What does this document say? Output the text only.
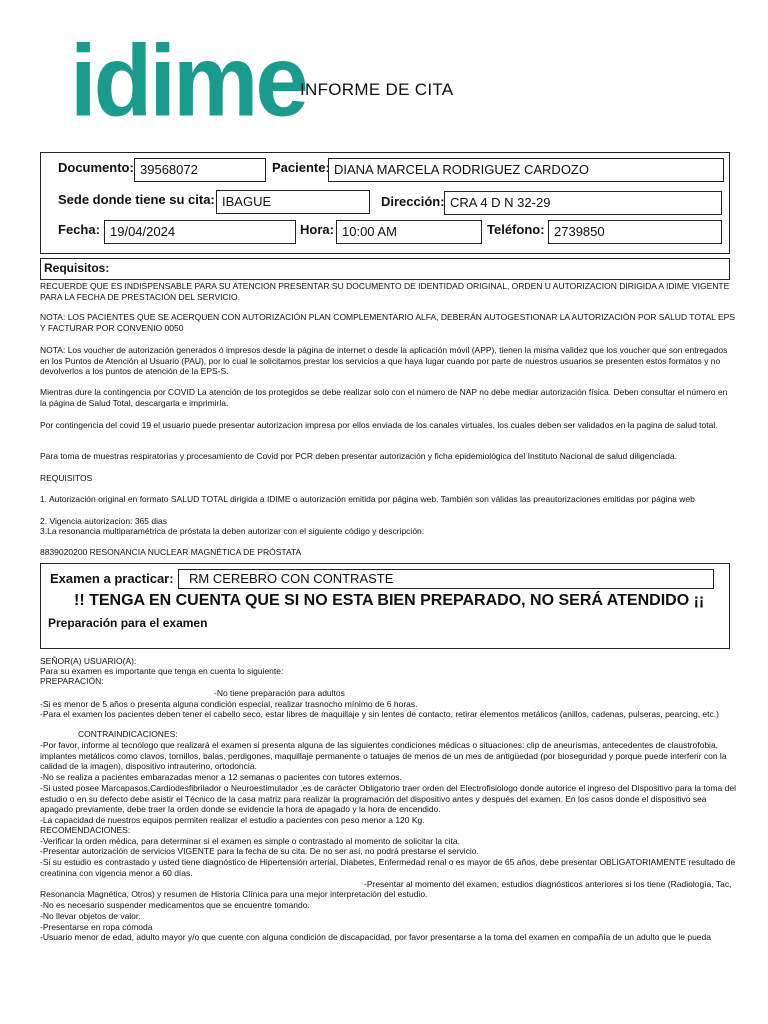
idime
INFORME DE CITA
Documento: 39568072	Paciente: DIANA MARCELA RODRIGUEZ CARDOZO
Sede donde tiene su cita: IBAGUE	Dirección: CRA 4 D N 32-29
Fecha: 19/04/2024	Hora: 10:00 AM	Teléfono: 2739850
Requisitos:
RECUERDE QUE ES INDISPENSABLE PARA SU ATENCION PRESENTAR SU DOCUMENTO DE IDENTIDAD ORIGINAL, ORDEN U AUTORIZACION DIRIGIDA A IDIME VIGENTE PARA LA FECHA DE PRESTACIÓN DEL SERVICIO.
NOTA: LOS PACIENTES QUE SE ACERQUEN CON AUTORIZACIÓN PLAN COMPLEMENTARIO ALFA, DEBERÁN AUTOGESTIONAR LA AUTORIZACIÓN POR SALUD TOTAL EPS Y FACTURAR POR CONVENIO 0050
NOTA: Los voucher de autorización generados ó impresos desde la página de internet o desde la aplicación móvil (APP), tienen la misma validez que los voucher que son entregados en los Puntos de Atención al Usuario (PAU), por lo cual le solicitamos prestar los servicios a que haya lugar cuando por parte de nuestros usuarios se presenten estos formatos y no devolverlos a los puntos de atención de la EPS-S.
Mientras dure la contingencia por COVID La atención de los protegidos se debe realizar solo con el número de NAP no debe mediar autorización física. Deben consultar el número en la página de Salud Total, descargarla e imprimirla.
Por contingencia del covid 19 el usuario puede presentar autorizacion impresa por ellos enviada de los canales virtuales, los cuales deben ser validados en la pagina de salud total.
Para toma de muestras respiratorias y procesamiento de Covid por PCR deben presentar autorización y ficha epidemiológica del Instituto Nacional de salud diligenciada.
REQUISITOS
1. Autorización original en formato SALUD TOTAL dirigida a IDIME o autorización emitida por página web. También son válidas las preautorizaciones emitidas por página web
2. Vigencia autorizacion: 365 dias
3.La resonancia multiparamétrica de próstata la deben autorizar con el siguiente código y descripción:
8839020200 RESONANCIA NUCLEAR MAGNÉTICA DE PRÓSTATA
Examen a practicar:	RM CEREBRO CON CONTRASTE
!! TENGA EN CUENTA QUE SI NO ESTA BIEN PREPARADO, NO SERÁ ATENDIDO ¡¡
Preparación para el examen
SEÑOR(A) USUARIO(A):
Para su examen es importante que tenga en cuenta lo siguiente:
PREPARACIÓN:
-No tiene preparación para adultos
-Si es menor de 5 años o presenta alguna condición especial, realizar trasnocho mínimo de 6 horas.
-Para el examen los pacientes deben tener el cabello seco, estar libres de maquillaje y sin lentes de contacto, retirar elementos metálicos (anillos, cadenas, pulseras, pearcing, etc.)
CONTRAINDICACIONES:
-Por favor, informe al tecnólogo que realizará el examen si presenta alguna de las siguientes condiciones médicas o situaciones: clip de aneurismas, antecedentes de claustrofobia, implantes metálicos como clavos, tornillos, balas, perdigones, maquillaje permanente o tatuajes de menos de un mes de antigüedad (por bioseguridad y porque puede interferir con la calidad de la imagen), dispositivo intrauterino, ortodoncia.
-No se realiza a pacientes embarazadas menor a 12 semanas o pacientes con tutores externos.
-Si usted posee Marcapasos,Cardiodesfibrilador o Neuroestimulador ,es de carácter Obligatorio traer orden del Electrofisiologo donde autorice el ingreso del Dispositivo para la toma del estudio o en su defecto debe asistir el Técnico de la casa matriz para realizar la programación del dispositivo antes y después del examen. En los casos donde el dispositivo sea apagado previamente, debe traer la orden donde se evidencie la hora de apagado y la hora de encendido.
-La capacidad de nuestros equipos permiten realizar el estudio a pacientes con peso menor a 120 Kg.
RECOMENDACIONES:
-Verificar la orden médica, para determinar si el examen es simple o contrastado al momento de solicitar la cita.
-Presentar autorización de servicios VIGENTE para la fecha de su cita. De no ser así, no podrá prestarse el servicio.
-Si su estudio es contrastado y usted tiene diagnóstico de Hipertensión arterial, Diabetes, Enfermedad renal o es mayor de 65 años, debe presentar OBLIGATORIAMENTE resultado de creatinina con vigencia menor a 60 días.
-Presentar al momento del examen, estudios diagnósticos anteriores si los tiene (Radiología, Tac,
Resonancia Magnética, Otros) y resumen de Historia Clínica para una mejor interpretación del estudio.
-No es necesario suspender medicamentos que se encuentre tomando.
-No llevar objetos de valor.
-Presentarse en ropa cómoda
-Usuario menor de edad, adulto mayor y/o que cuente con alguna condición de discapacidad, por favor presentarse a la toma del examen en compañía de un adulto que le pueda
